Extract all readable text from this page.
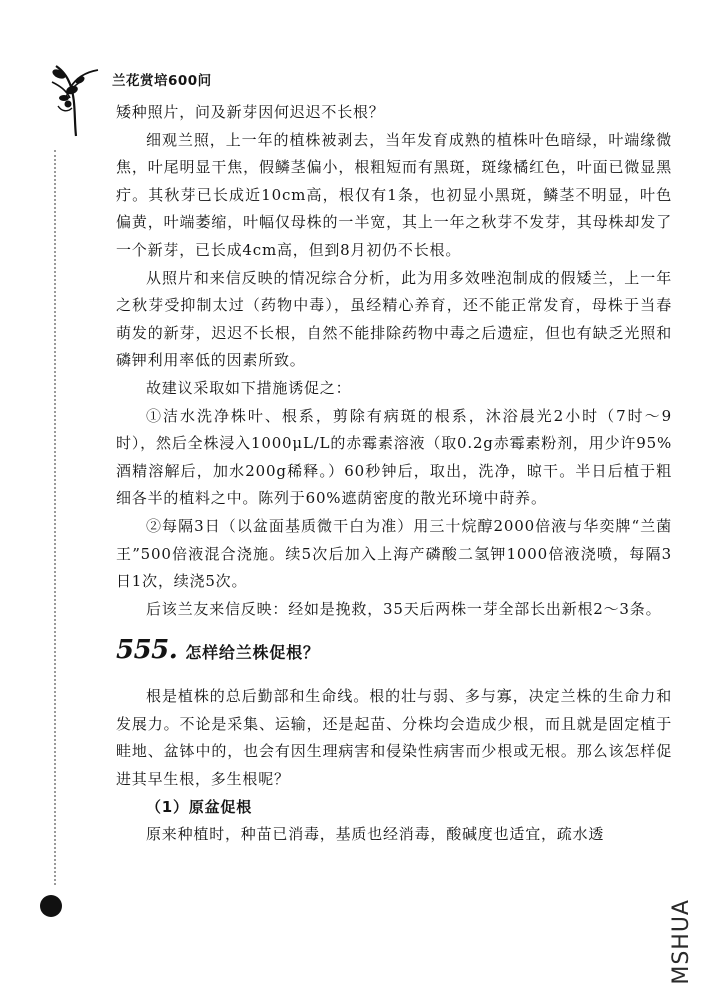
兰花赏培600问

矮种照片，问及新芽因何迟迟不长根？

细观兰照，上一年的植株被剥去，当年发育成熟的植株叶色暗绿，叶端缘微焦，叶尾明显干焦，假鳞茎偏小，根粗短而有黑斑，斑缘橘红色，叶面已微显黑疔。其秋芽已长成近10cm高，根仅有1条，也初显小黑斑，鳞茎不明显，叶色偏黄，叶端萎缩，叶幅仅母株的一半宽，其上一年之秋芽不发芽，其母株却发了一个新芽，已长成4cm高，但到8月初仍不长根。

从照片和来信反映的情况综合分析，此为用多效唑泡制成的假矮兰，上一年之秋芽受抑制太过（药物中毒），虽经精心养育，还不能正常发育，母株于当春萌发的新芽，迟迟不长根，自然不能排除药物中毒之后遗症，但也有缺乏光照和磷钾利用率低的因素所致。

故建议采取如下措施诱促之：

①洁水洗净株叶、根系，剪除有病斑的根系，沐浴晨光2小时（7时～9时），然后全株浸入1000μL/L的赤霉素溶液（取0.2g赤霉素粉剂，用少许95%酒精溶解后，加水200g稀释。）60秒钟后，取出，洗净，晾干。半日后植于粗细各半的植料之中。陈列于60%遮荫密度的散光环境中莳养。

②每隔3日（以盆面基质微干白为准）用三十烷醇2000倍液与华奕牌“兰菌王”500倍液混合浇施。续5次后加入上海产磷酸二氢钾1000倍液浇喷，每隔3日1次，续浇5次。

后该兰友来信反映：经如是挽救，35天后两株一芽全部长出新根2～3条。

555. 怎样给兰株促根？

根是植株的总后勤部和生命线。根的壮与弱、多与寡，决定兰株的生命力和发展力。不论是采集、运输，还是起苗、分株均会造成少根，而且就是固定植于畦地、盆钵中的，也会有因生理病害和侵染性病害而少根或无根。那么该怎样促进其早生根，多生根呢？

（1）原盆促根

原来种植时，种苗已消毒，基质也经消毒，酸碱度也适宜，疏水透

MSHUA
